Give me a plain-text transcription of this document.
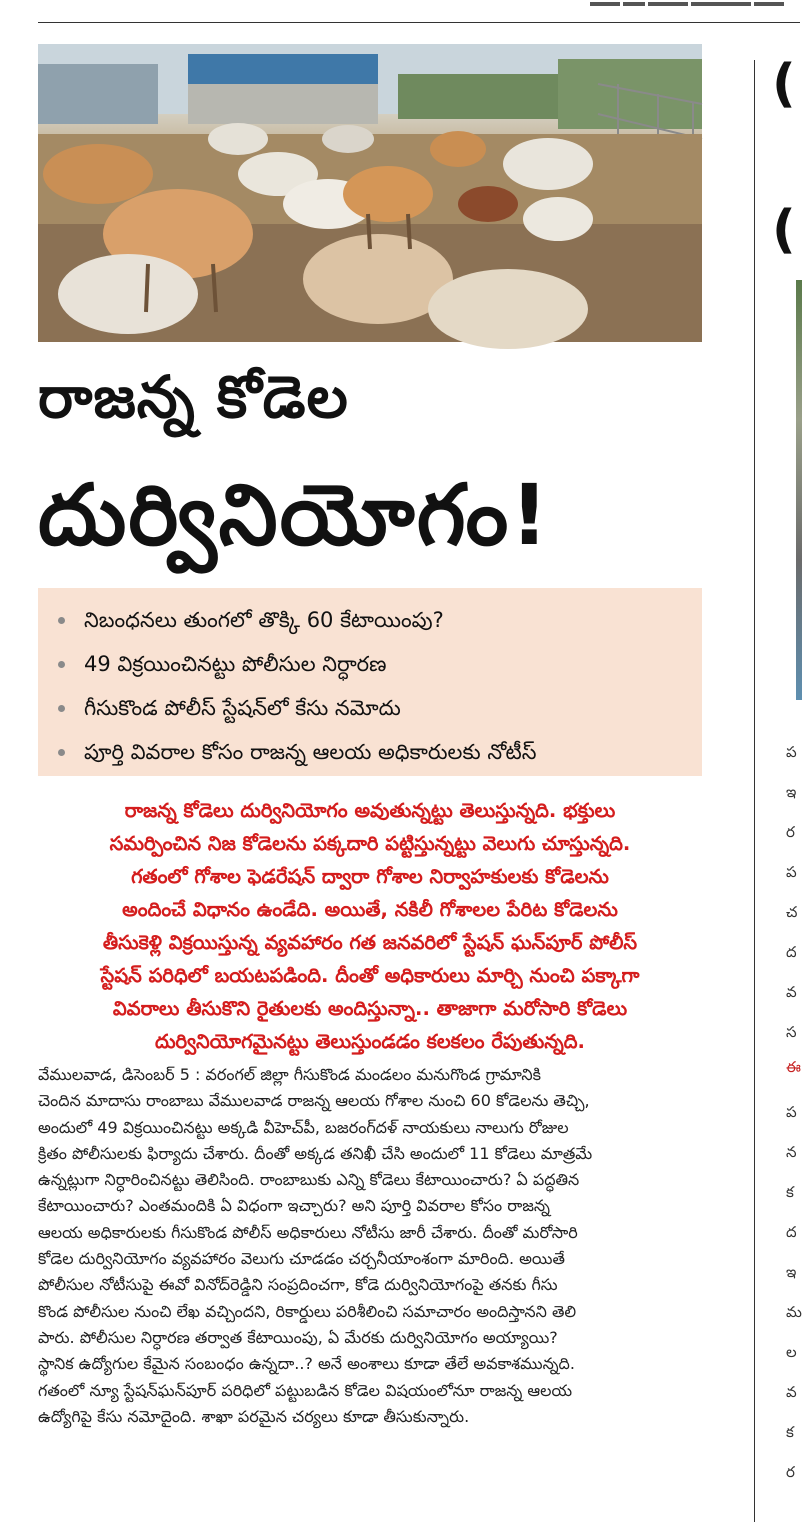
రాజన్న కోడెల
దుర్వినియోగం!
నిబంధనలు తుంగలో తొక్కి 60 కేటాయింపు?
49 విక్రయించినట్టు పోలీసుల నిర్ధారణ
గీసుకొండ పోలీస్ స్టేషన్‌లో కేసు నమోదు
పూర్తి వివరాల కోసం రాజన్న ఆలయ అధికారులకు నోటీస్
రాజన్న కోడెలు దుర్వినియోగం అవుతున్నట్టు తెలుస్తున్నది. భక్తులు
సమర్పించిన నిజ కోడెలను పక్కదారి పట్టిస్తున్నట్టు వెలుగు చూస్తున్నది.
గతంలో గోశాల ఫెడరేషన్ ద్వారా గోశాల నిర్వాహకులకు కోడెలను
అందించే విధానం ఉండేది. అయితే, నకిలీ గోశాలల పేరిట కోడెలను
తీసుకెళ్లి విక్రయిస్తున్న వ్యవహారం గత జనవరిలో స్టేషన్ ఘన్‌పూర్ పోలీస్
స్టేషన్ పరిధిలో బయటపడింది. దీంతో అధికారులు మార్చి నుంచి పక్కాగా
వివరాలు తీసుకొని రైతులకు అందిస్తున్నా.. తాజాగా మరోసారి కోడెలు
దుర్వినియోగమైనట్టు తెలుస్తుండడం కలకలం రేపుతున్నది.
వేములవాడ, డిసెంబర్ 5 : వరంగల్ జిల్లా గీసుకొండ మండలం మనుగొండ గ్రామానికి
చెందిన మాదాసు రాంబాబు వేములవాడ రాజన్న ఆలయ గోశాల నుంచి 60 కోడెలను తెచ్చి,
అందులో 49 విక్రయించినట్టు అక్కడి వీహెచ్‌పీ, బజరంగ్‌దళ్ నాయకులు నాలుగు రోజుల
క్రితం పోలీసులకు ఫిర్యాదు చేశారు. దీంతో అక్కడ తనిఖీ చేసి అందులో 11 కోడెలు మాత్రమే
ఉన్నట్లుగా నిర్ధారించినట్టు తెలిసింది. రాంబాబుకు ఎన్ని కోడెలు కేటాయించారు? ఏ పద్ధతిన
కేటాయించారు? ఎంతమందికి ఏ విధంగా ఇచ్చారు? అని పూర్తి వివరాల కోసం రాజన్న
ఆలయ అధికారులకు గీసుకొండ పోలీస్ అధికారులు నోటీసు జారీ చేశారు. దీంతో మరోసారి
కోడెల దుర్వినియోగం వ్యవహారం వెలుగు చూడడం చర్చనీయాంశంగా మారింది. అయితే
పోలీసుల నోటీసుపై ఈవో వినోద్‌రెడ్డిని సంప్రదించగా, కోడె దుర్వినియోగంపై తనకు గీసు
కొండ పోలీసుల నుంచి లేఖ వచ్చిందని, రికార్డులు పరిశీలించి సమాచారం అందిస్తానని తెలి
పారు. పోలీసుల నిర్ధారణ తర్వాత కేటాయింపు, ఏ మేరకు దుర్వినియోగం అయ్యాయి?
స్థానిక ఉద్యోగుల కేమైన సంబంధం ఉన్నదా..? అనే అంశాలు కూడా తేలే అవకాశమున్నది.
గతంలో న్యూ స్టేషన్‌ఘన్‌పూర్ పరిధిలో పట్టుబడిన కోడెల విషయంలోనూ రాజన్న ఆలయ
ఉద్యోగిపై కేసు నమోదైంది. శాఖా పరమైన చర్యలు కూడా తీసుకున్నారు.
(
(
ప
ఇ
ర
ప
చ
ద
వ
స
ఈ
ప
న
క
ద
ఇ
మ
ల
వ
క
ర
